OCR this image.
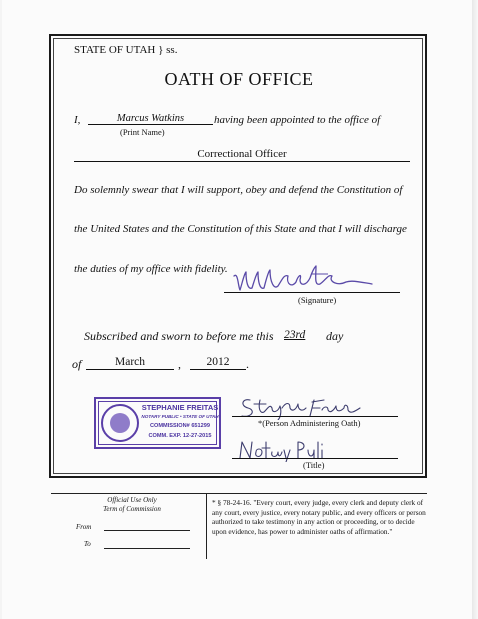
STATE OF UTAH } ss.
OATH OF OFFICE
I,	Marcus Watkins
(Print Name)
having been appointed to the office of
Correctional Officer
Do solemnly swear that I will support, obey and defend the Constitution of
the United States and the Constitution of this State and that I will discharge
the duties of my office with fidelity.
(Signature)
Subscribed and sworn to before me this 23rd day
of	March	,	2012	.
STEPHANIE FREITAS
NOTARY PUBLIC • STATE OF UTAH
COMMISSION# 651299
COMM. EXP. 12-27-2015
*(Person Administering Oath)
(Title)
Official Use Only
Term of Commission
From
To
* § 78-24-16. "Every court, every judge, every clerk and deputy clerk of any court, every justice, every notary public, and every officers or person authorized to take testimony in any action or proceeding, or to decide upon evidence, has power to administer oaths of affirmation."
